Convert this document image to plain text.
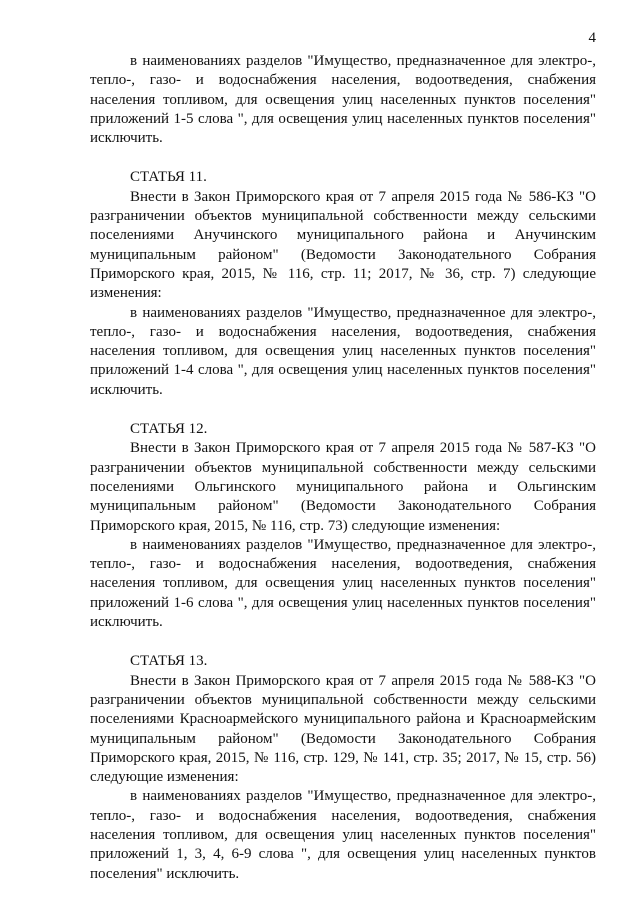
4

в наименованиях разделов "Имущество, предназначенное для электро-, тепло-, газо- и водоснабжения населения, водоотведения, снабжения населения топливом, для освещения улиц населенных пунктов поселения" приложений 1-5 слова ", для освещения улиц населенных пунктов поселения" исключить.

СТАТЬЯ 11.

Внести в Закон Приморского края от 7 апреля 2015 года № 586-КЗ "О разграничении объектов муниципальной собственности между сельскими поселениями Анучинского муниципального района и Анучинским муниципальным районом" (Ведомости Законодательного Собрания Приморского края, 2015, № 116, стр. 11; 2017, № 36, стр. 7) следующие изменения:

в наименованиях разделов "Имущество, предназначенное для электро-, тепло-, газо- и водоснабжения населения, водоотведения, снабжения населения топливом, для освещения улиц населенных пунктов поселения" приложений 1-4 слова ", для освещения улиц населенных пунктов поселения" исключить.

СТАТЬЯ 12.

Внести в Закон Приморского края от 7 апреля 2015 года № 587-КЗ "О разграничении объектов муниципальной собственности между сельскими поселениями Ольгинского муниципального района и Ольгинским муниципальным районом" (Ведомости Законодательного Собрания Приморского края, 2015, № 116, стр. 73) следующие изменения:

в наименованиях разделов "Имущество, предназначенное для электро-, тепло-, газо- и водоснабжения населения, водоотведения, снабжения населения топливом, для освещения улиц населенных пунктов поселения" приложений 1-6 слова ", для освещения улиц населенных пунктов поселения" исключить.

СТАТЬЯ 13.

Внести в Закон Приморского края от 7 апреля 2015 года № 588-КЗ "О разграничении объектов муниципальной собственности между сельскими поселениями Красноармейского муниципального района и Красноармейским муниципальным районом" (Ведомости Законодательного Собрания Приморского края, 2015, № 116, стр. 129, № 141, стр. 35; 2017, № 15, стр. 56) следующие изменения:

в наименованиях разделов "Имущество, предназначенное для электро-, тепло-, газо- и водоснабжения населения, водоотведения, снабжения населения топливом, для освещения улиц населенных пунктов поселения" приложений 1, 3, 4, 6-9 слова ", для освещения улиц населенных пунктов поселения" исключить.
